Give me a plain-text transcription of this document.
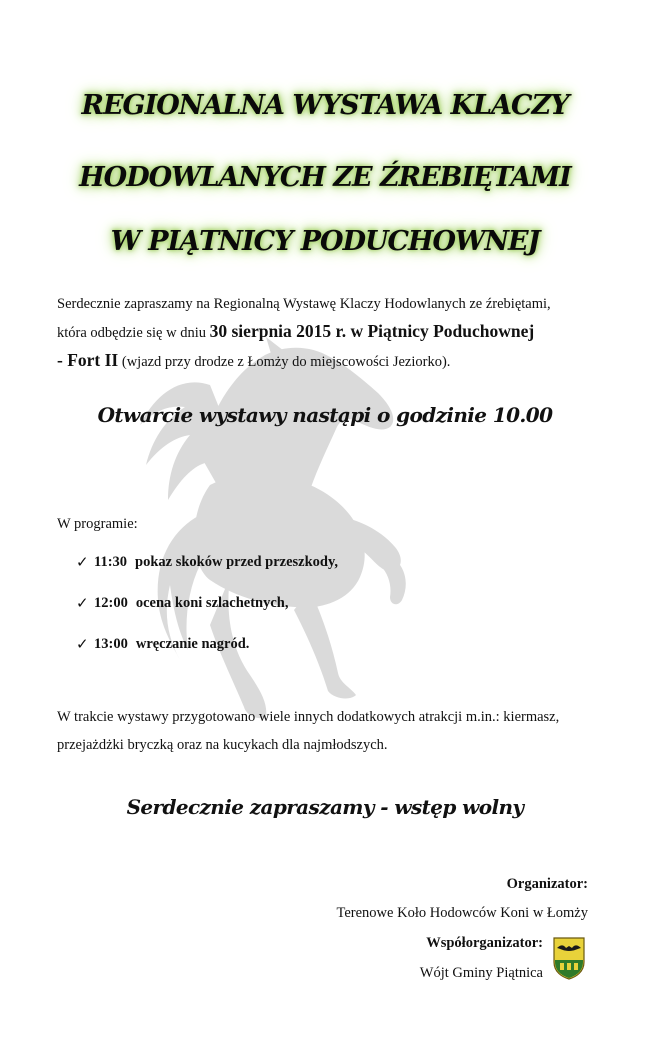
REGIONALNA WYSTAWA KLACZY
HODOWLANYCH ZE ŹREBIĘTAMI
W PIĄTNICY PODUCHOWNEJ
Serdecznie zapraszamy na Regionalną Wystawę Klaczy Hodowlanych ze źrebiętami,
która odbędzie się w dniu 30 sierpnia 2015 r. w Piątnicy Poduchownej
- Fort II (wjazd przy drodze z Łomży do miejscowości Jeziorko).
Otwarcie wystawy nastąpi o godzinie 10.00
W programie:
✓ 11:30 pokaz skoków przed przeszkody,
✓ 12:00 ocena koni szlachetnych,
✓ 13:00 wręczanie nagród.
W trakcie wystawy przygotowano wiele innych dodatkowych atrakcji m.in.: kiermasz,
przejażdżki bryczką oraz na kucykach dla najmłodszych.
Serdecznie zapraszamy - wstęp wolny
Organizator:
Terenowe Koło Hodowców Koni w Łomży
Współorganizator:
Wójt Gminy Piątnica
